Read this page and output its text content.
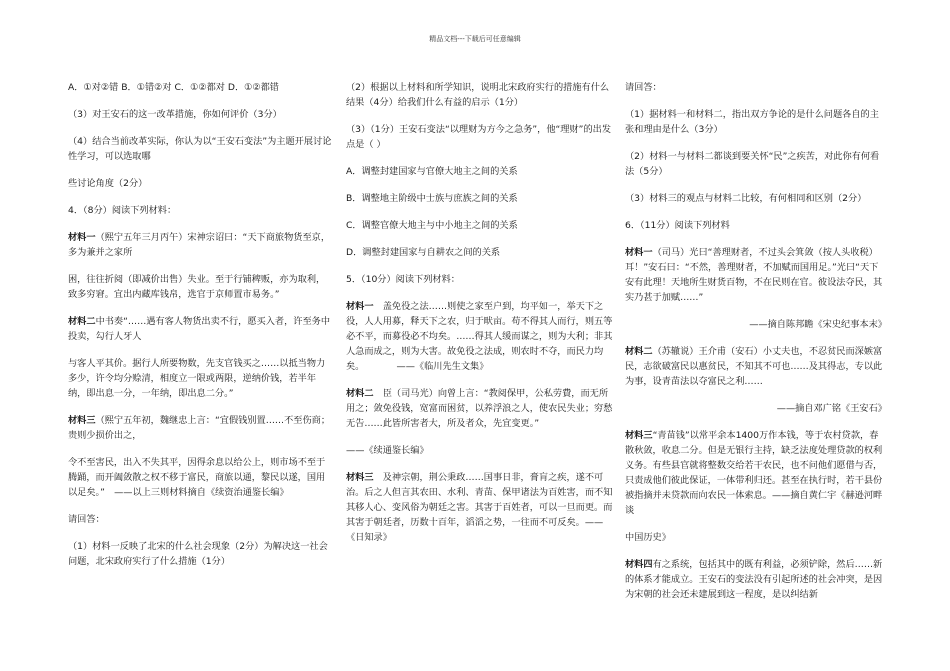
精品文档---下载后可任意编辑
A．①对②错 B．①错②对 C．①②都对 D．①②都错
（3）对王安石的这一改革措施，你如何评价（3分）
（4）结合当前改革实际，你认为以“王安石变法”为主题开展讨论性学习，可以选取哪
些讨论角度（2分）
4．（8分）阅读下列材料：
材料一（熙宁五年三月丙午）宋神宗诏曰：“天下商旅物货至京，多为兼并之家所
困，往往折阅（即减价出售）失业。至于行铺稗贩，亦为取利，致多穷窘。宜出内藏库钱帛，选官于京师置市易务。”
材料二中书奏“……遇有客人物货出卖不行，愿买入者，许至务中投卖，勾行人牙人
与客人平其价。据行人所要物数，先支官钱买之……以抵当物力多少，许令均分赊清，相度立一限或两限，逆纳价钱，若半年纳，即出息一分，一年纳，即出息二分。”
材料三（熙宁五年初，魏继忠上言：“宜假钱别置……不至伤商；贵则少损价出之，
令不至害民，出入不失其平，因得余息以给公上，则市场不至于腾踊，而开阖敛散之权不移于富民，商旅以通，黎民以遂，国用以足矣。”　——以上三则材料摘自《续资治通鉴长编》
请回答：
（1）材料一反映了北宋的什么社会现象（2分）为解决这一社会问题，北宋政府实行了什么措施（1分）
（2）根据以上材料和所学知识，说明北宋政府实行的措施有什么结果（4分）给我们什么有益的启示（1分）
（3）（1分）王安石变法“以理财为方今之急务”，他“理财”的出发点是（ ）
A．调整封建国家与官僚大地主之间的关系
B．调整地主阶级中士族与庶族之间的关系
C．调整官僚大地主与中小地主之间的关系
D．调整封建国家与自耕农之间的关系
5．（10分）阅读下列材料：
材料一　盖免役之法……则使之家至户到，均平如一，举天下之役，人人用募，释天下之农，归于畎亩。苟不得其人而行，则五等必不平，而募役必不均矣。……得其人缓而谋之，则为大利；非其人急而成之，则为大害。故免役之法成，则农时不夺，而民力均矣。　　　　——《临川先生文集》
材料二　臣（司马光）向曾上言：“教阅保甲，公私劳費，而无所用之；敛免役钱，宽富而困贫，以养浮浪之人，使农民失业；穷愁无告……此皆所害者大，所及者众，先宜变更。”
——《续通鉴长编》
材料三　及神宗朝，荆公秉政……国事日非，膏肓之疾，遂不可治。后之人但言其农田、水利、青苗、保甲诸法为百姓害，而不知其移人心、变风俗为朝廷之害。其害于百姓者，可以一旦而更。而其害于朝廷者，历数十百年，滔滔之势，一往而不可反矣。——《日知录》
请回答：
（1）据材料一和材料二，指出双方争论的是什么问题各自的主张和理由是什么（3分）
（2）材料一与材料二都谈到要关怀“民”之疾苦，对此你有何看法（5分）
（3）材料三的观点与材料二比较，有何相同和区别（2分）
6．（11分）阅读下列材料
材料一（司马）光曰“善理财者，不过头会箕敛（按人头收税）耳！”安石曰：“不然，善理财者，不加赋而国用足。”光曰“天下安有此理！天地所生财货百物，不在民则在官。彼设法夺民，其实乃甚于加赋……”
——摘自陈邦瞻《宋史纪事本末》
材料二（苏辙说）王介甫（安石）小丈夫也，不忍贫民而深嫉富民，志欲破富民以惠贫民，不知其不可也……及其得志，专以此为事，设青苗法以夺富民之利……
——摘自邓广铭《王安石》
材料三“青苗钱”以常平余本1400万作本钱，等于农村贷款，春散秋敛，收息二分。但是无银行主持，缺乏法度处理贷款的权利义务。有些县官就将整数交给若干农民，也不问他们愿借与否，只责成他们彼此保证，一体带利归还。甚至在执行时，若干县份被指摘并未贷款而向农民一体索息。——摘自黄仁宇《赫逊河畔谈
中国历史》
材料四有之系统，包括其中的既有利益，必须铲除，然后……新的体系才能成立。王安石的变法没有引起所述的社会冲突，是因为宋朝的社会还未建展到这一程度，是以纠结新
